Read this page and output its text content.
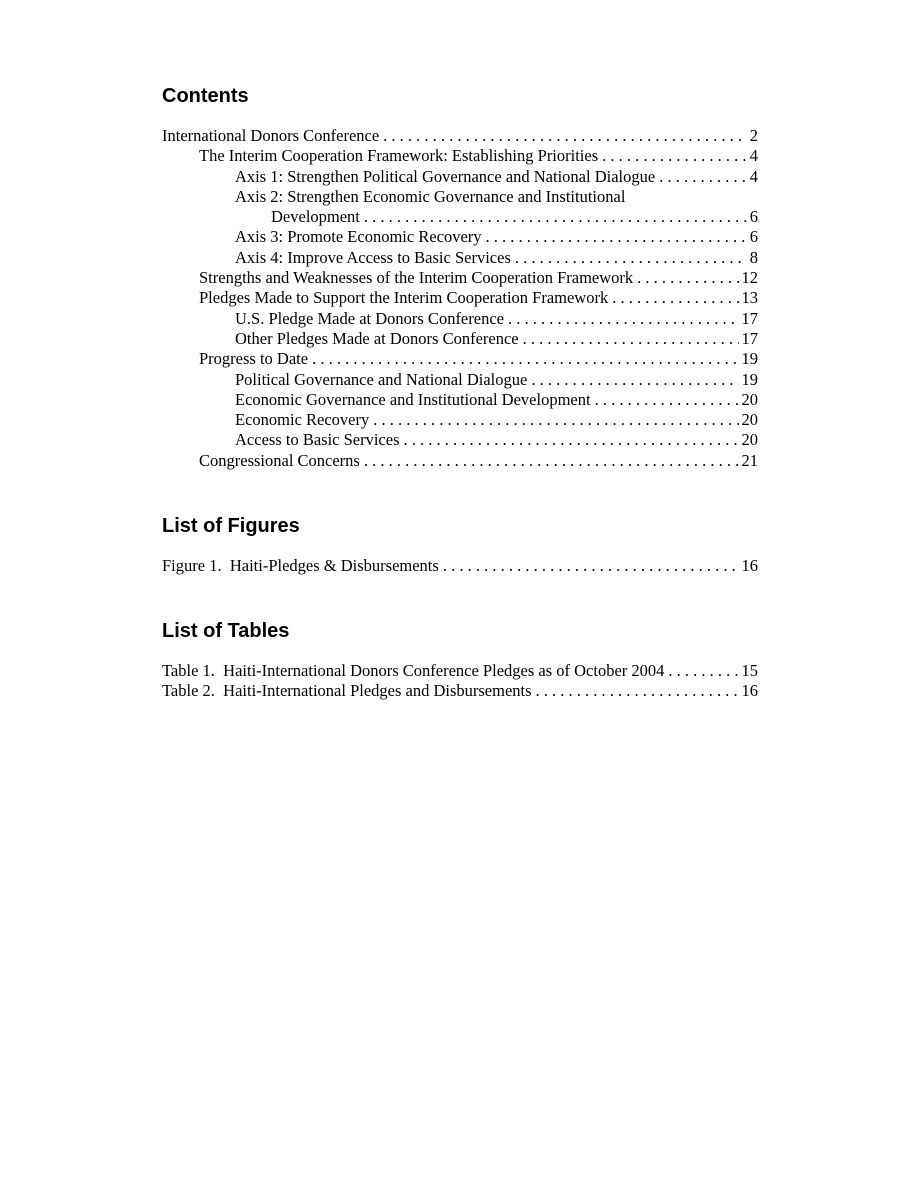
Contents
International Donors Conference . . .	2
The Interim Cooperation Framework: Establishing Priorities . . .	4
Axis 1: Strengthen Political Governance and National Dialogue . . .	4
Axis 2: Strengthen Economic Governance and Institutional
Development . . .	6
Axis 3: Promote Economic Recovery . . .	6
Axis 4: Improve Access to Basic Services . . .	8
Strengths and Weaknesses of the Interim Cooperation Framework . . .	12
Pledges Made to Support the Interim Cooperation Framework . . .	13
U.S. Pledge Made at Donors Conference . . .	17
Other Pledges Made at Donors Conference . . .	17
Progress to Date . . .	19
Political Governance and National Dialogue . . .	19
Economic Governance and Institutional Development . . .	20
Economic Recovery . . .	20
Access to Basic Services . . .	20
Congressional Concerns . . .	21
List of Figures
Figure 1.  Haiti-Pledges & Disbursements . . .	16
List of Tables
Table 1.  Haiti-International Donors Conference Pledges as of October 2004 . . .	15
Table 2.  Haiti-International Pledges and Disbursements . . .	16
